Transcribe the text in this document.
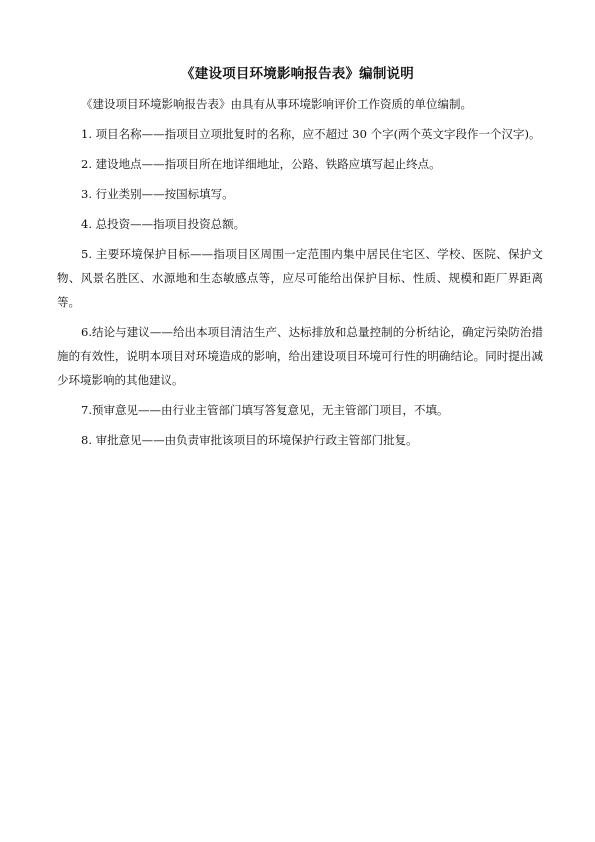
《建设项目环境影响报告表》编制说明

《建设项目环境影响报告表》由具有从事环境影响评价工作资质的单位编制。

1. 项目名称——指项目立项批复时的名称，应不超过 30 个字(两个英文字段作一个汉字)。

2. 建设地点——指项目所在地详细地址，公路、铁路应填写起止终点。

3. 行业类别——按国标填写。

4. 总投资——指项目投资总额。

5. 主要环境保护目标——指项目区周围一定范围内集中居民住宅区、学校、医院、保护文物、风景名胜区、水源地和生态敏感点等，应尽可能给出保护目标、性质、规模和距厂界距离等。

6.结论与建议——给出本项目清洁生产、达标排放和总量控制的分析结论，确定污染防治措施的有效性，说明本项目对环境造成的影响，给出建设项目环境可行性的明确结论。同时提出减少环境影响的其他建议。

7.预审意见——由行业主管部门填写答复意见，无主管部门项目，不填。

8. 审批意见——由负责审批该项目的环境保护行政主管部门批复。
